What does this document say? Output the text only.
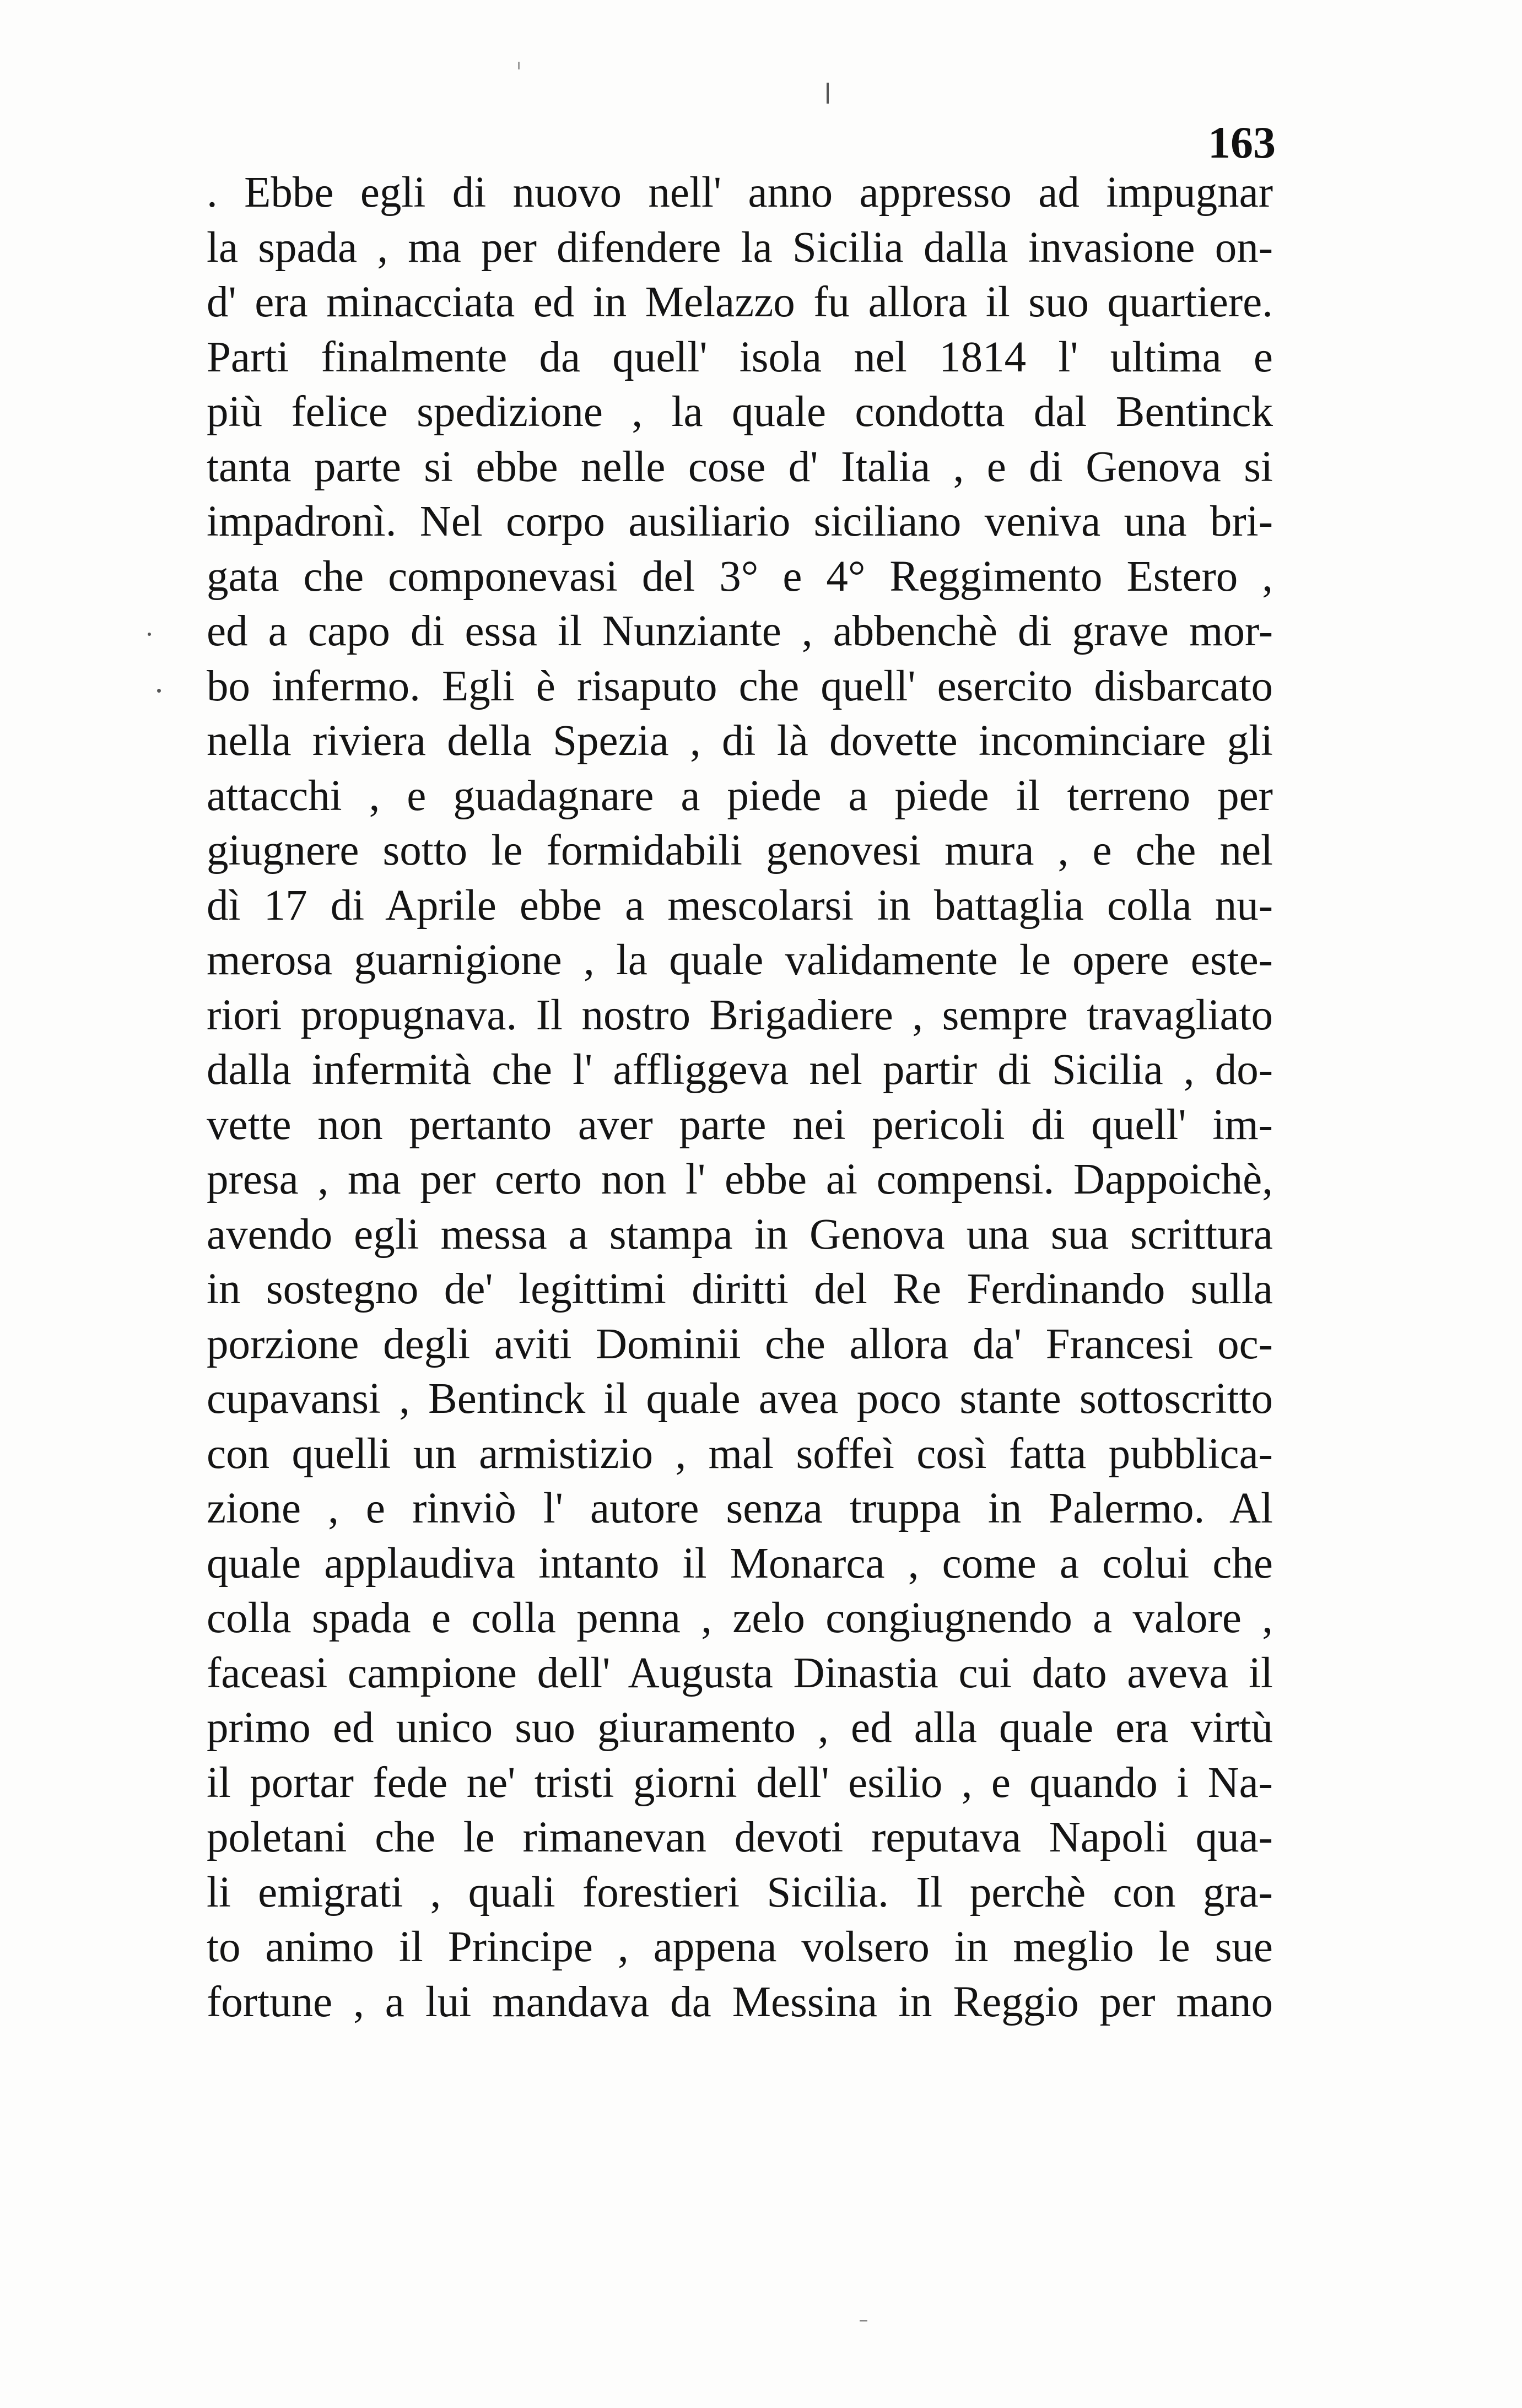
163
. Ebbe egli di nuovo nell' anno appresso ad impugnar
la spada , ma per difendere la Sicilia dalla invasione on-
d' era minacciata ed in Melazzo fu allora il suo quartiere.
Parti finalmente da quell' isola nel 1814 l' ultima e
più felice spedizione , la quale condotta dal Bentinck
tanta parte si ebbe nelle cose d' Italia , e di Genova si
impadronì. Nel corpo ausiliario siciliano veniva una bri-
gata che componevasi del 3° e 4° Reggimento Estero ,
ed a capo di essa il Nunziante , abbenchè di grave mor-
bo infermo. Egli è risaputo che quell' esercito disbarcato
nella riviera della Spezia , di là dovette incominciare gli
attacchi , e guadagnare a piede a piede il terreno per
giugnere sotto le formidabili genovesi mura , e che nel
dì 17 di Aprile ebbe a mescolarsi in battaglia colla nu-
merosa guarnigione , la quale validamente le opere este-
riori propugnava. Il nostro Brigadiere , sempre travagliato
dalla infermità che l' affliggeva nel partir di Sicilia , do-
vette non pertanto aver parte nei pericoli di quell' im-
presa , ma per certo non l' ebbe ai compensi. Dappoichè,
avendo egli messa a stampa in Genova una sua scrittura
in sostegno de' legittimi diritti del Re Ferdinando sulla
porzione degli aviti Dominii che allora da' Francesi oc-
cupavansi , Bentinck il quale avea poco stante sottoscritto
con quelli un armistizio , mal soffeì così fatta pubblica-
zione , e rinviò l' autore senza truppa in Palermo. Al
quale applaudiva intanto il Monarca , come a colui che
colla spada e colla penna , zelo congiugnendo a valore ,
faceasi campione dell' Augusta Dinastia cui dato aveva il
primo ed unico suo giuramento , ed alla quale era virtù
il portar fede ne' tristi giorni dell' esilio , e quando i Na-
poletani che le rimanevan devoti reputava Napoli qua-
li emigrati , quali forestieri Sicilia. Il perchè con gra-
to animo il Principe , appena volsero in meglio le sue
fortune , a lui mandava da Messina in Reggio per mano
